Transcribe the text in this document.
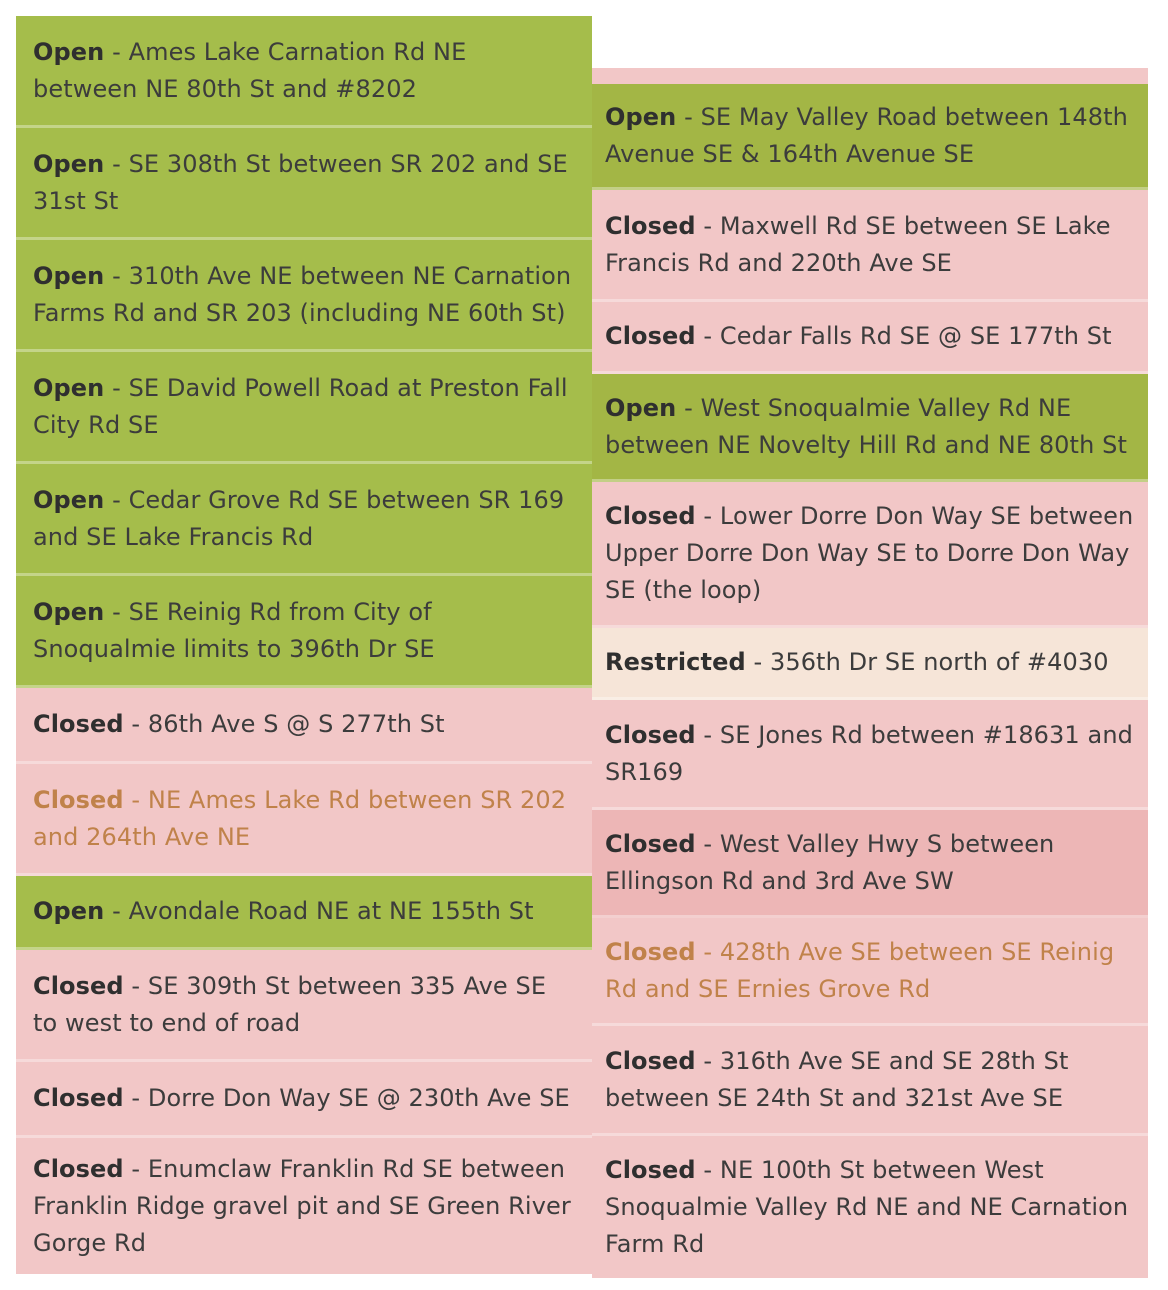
Open - Ames Lake Carnation Rd NE between NE 80th St and #8202
Open - SE 308th St between SR 202 and SE 31st St
Open - 310th Ave NE between NE Carnation Farms Rd and SR 203 (including NE 60th St)
Open - SE David Powell Road at Preston Fall City Rd SE
Open - Cedar Grove Rd SE between SR 169 and SE Lake Francis Rd
Open - SE Reinig Rd from City of Snoqualmie limits to 396th Dr SE
Closed - 86th Ave S @ S 277th St
Closed - NE Ames Lake Rd between SR 202 and 264th Ave NE
Open - Avondale Road NE at NE 155th St
Closed - SE 309th St between 335 Ave SE to west to end of road
Closed - Dorre Don Way SE @ 230th Ave SE
Closed - Enumclaw Franklin Rd SE between Franklin Ridge gravel pit and SE Green River Gorge Rd
Open - SE May Valley Road between 148th Avenue SE & 164th Avenue SE
Closed - Maxwell Rd SE between SE Lake Francis Rd and 220th Ave SE
Closed - Cedar Falls Rd SE @ SE 177th St
Open - West Snoqualmie Valley Rd NE between NE Novelty Hill Rd and NE 80th St
Closed - Lower Dorre Don Way SE between Upper Dorre Don Way SE to Dorre Don Way SE (the loop)
Restricted - 356th Dr SE north of #4030
Closed - SE Jones Rd between #18631 and SR169
Closed - West Valley Hwy S between Ellingson Rd and 3rd Ave SW
Closed - 428th Ave SE between SE Reinig Rd and SE Ernies Grove Rd
Closed - 316th Ave SE and SE 28th St between SE 24th St and 321st Ave SE
Closed - NE 100th St between West Snoqualmie Valley Rd NE and NE Carnation Farm Rd
